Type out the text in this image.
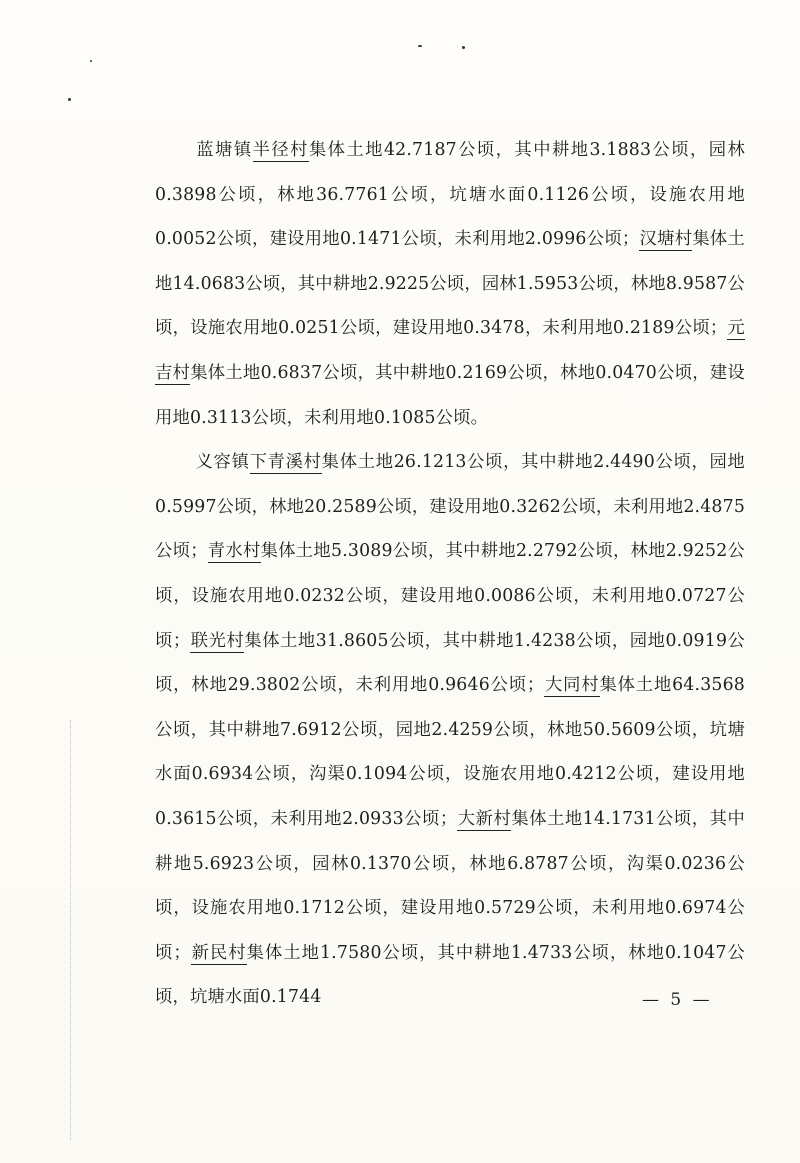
蓝塘镇半径村集体土地42.7187公顷，其中耕地3.1883公顷，园林0.3898公顷，林地36.7761公顷，坑塘水面0.1126公顷，设施农用地0.0052公顷，建设用地0.1471公顷，未利用地2.0996公顷；汉塘村集体土地14.0683公顷，其中耕地2.9225公顷，园林1.5953公顷，林地8.9587公顷，设施农用地0.0251公顷，建设用地0.3478，未利用地0.2189公顷；元吉村集体土地0.6837公顷，其中耕地0.2169公顷，林地0.0470公顷，建设用地0.3113公顷，未利用地0.1085公顷。

义容镇下青溪村集体土地26.1213公顷，其中耕地2.4490公顷，园地0.5997公顷，林地20.2589公顷，建设用地0.3262公顷，未利用地2.4875公顷；青水村集体土地5.3089公顷，其中耕地2.2792公顷，林地2.9252公顷，设施农用地0.0232公顷，建设用地0.0086公顷，未利用地0.0727公顷；联光村集体土地31.8605公顷，其中耕地1.4238公顷，园地0.0919公顷，林地29.3802公顷，未利用地0.9646公顷；大同村集体土地64.3568公顷，其中耕地7.6912公顷，园地2.4259公顷，林地50.5609公顷，坑塘水面0.6934公顷，沟渠0.1094公顷，设施农用地0.4212公顷，建设用地0.3615公顷，未利用地2.0933公顷；大新村集体土地14.1731公顷，其中耕地5.6923公顷，园林0.1370公顷，林地6.8787公顷，沟渠0.0236公顷，设施农用地0.1712公顷，建设用地0.5729公顷，未利用地0.6974公顷；新民村集体土地1.7580公顷，其中耕地1.4733公顷，林地0.1047公顷，坑塘水面0.1744	— 5 —
